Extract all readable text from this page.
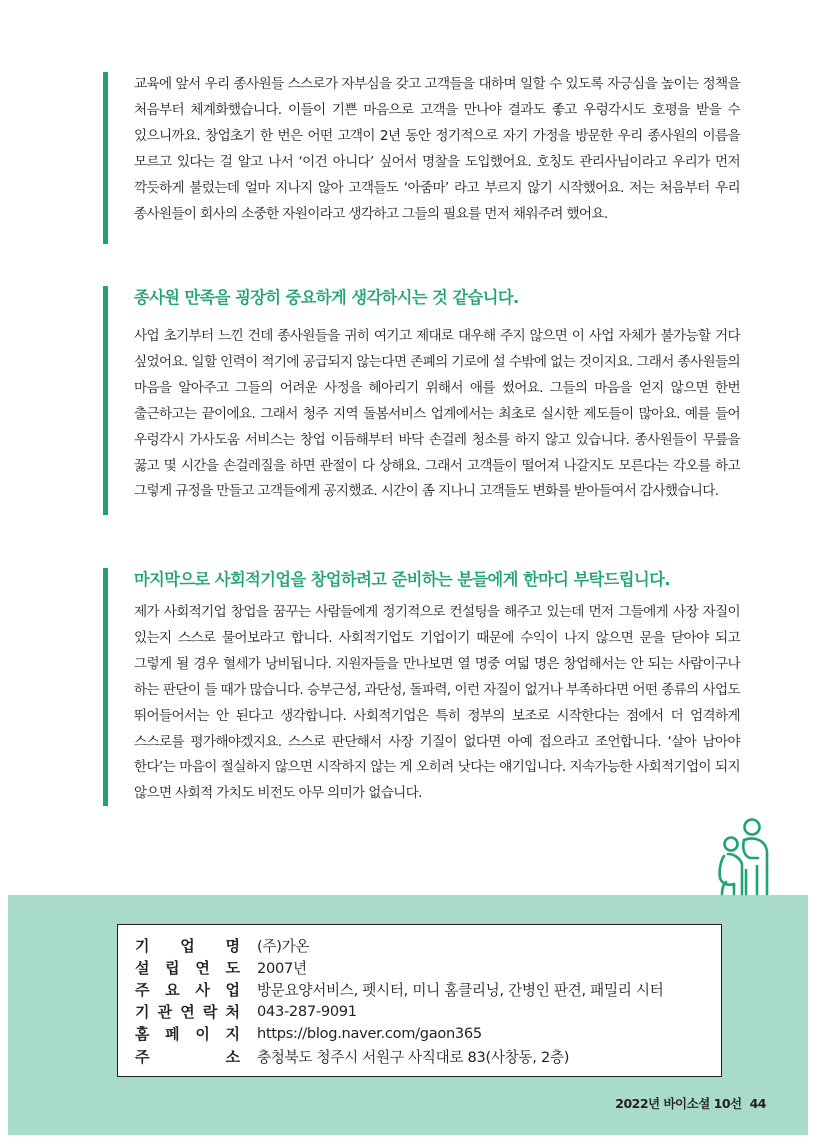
교육에 앞서 우리 종사원들 스스로가 자부심을 갖고 고객들을 대하며 일할 수 있도록 자긍심을 높이는 정책을 처음부터 체계화했습니다. 이들이 기쁜 마음으로 고객을 만나야 결과도 좋고 우렁각시도 호평을 받을 수 있으니까요. 창업초기 한 번은 어떤 고객이 2년 동안 정기적으로 자기 가정을 방문한 우리 종사원의 이름을 모르고 있다는 걸 알고 나서 ‘이건 아니다’ 싶어서 명찰을 도입했어요. 호칭도 관리사님이라고 우리가 먼저 깍듯하게 불렀는데 얼마 지나지 않아 고객들도 ‘아줌마’ 라고 부르지 않기 시작했어요. 저는 처음부터 우리 종사원들이 회사의 소중한 자원이라고 생각하고 그들의 필요를 먼저 채워주려 했어요.

종사원 만족을 굉장히 중요하게 생각하시는 것 같습니다.

사업 초기부터 느낀 건데 종사원들을 귀히 여기고 제대로 대우해 주지 않으면 이 사업 자체가 불가능할 거다 싶었어요. 일할 인력이 적기에 공급되지 않는다면 존폐의 기로에 설 수밖에 없는 것이지요. 그래서 종사원들의 마음을 알아주고 그들의 어려운 사정을 헤아리기 위해서 애를 썼어요. 그들의 마음을 얻지 않으면 한번 출근하고는 끝이에요. 그래서 청주 지역 돌봄서비스 업계에서는 최초로 실시한 제도들이 많아요. 예를 들어 우렁각시 가사도움 서비스는 창업 이듬해부터 바닥 손걸레 청소를 하지 않고 있습니다. 종사원들이 무릎을 꿇고 몇 시간을 손걸레질을 하면 관절이 다 상해요. 그래서 고객들이 떨어져 나갈지도 모른다는 각오를 하고 그렇게 규정을 만들고 고객들에게 공지했죠. 시간이 좀 지나니 고객들도 변화를 받아들여서 감사했습니다.

마지막으로 사회적기업을 창업하려고 준비하는 분들에게 한마디 부탁드립니다.

제가 사회적기업 창업을 꿈꾸는 사람들에게 정기적으로 컨설팅을 해주고 있는데 먼저 그들에게 사장 자질이 있는지 스스로 물어보라고 합니다. 사회적기업도 기업이기 때문에 수익이 나지 않으면 문을 닫아야 되고 그렇게 될 경우 혈세가 낭비됩니다. 지원자들을 만나보면 열 명중 여덟 명은 창업해서는 안 되는 사람이구나 하는 판단이 들 때가 많습니다. 승부근성, 과단성, 돌파력, 이런 자질이 없거나 부족하다면 어떤 종류의 사업도 뛰어들어서는 안 된다고 생각합니다. 사회적기업은 특히 정부의 보조로 시작한다는 점에서 더 엄격하게 스스로를 평가해야겠지요. 스스로 판단해서 사장 기질이 없다면 아예 접으라고 조언합니다. ‘살아 남아야 한다’는 마음이 절실하지 않으면 시작하지 않는 게 오히려 낫다는 얘기입니다. 지속가능한 사회적기업이 되지 않으면 사회적 가치도 비전도 아무 의미가 없습니다.

기 업 명 (주)가온
설 립 연 도 2007년
주 요 사 업 방문요양서비스, 펫시터, 미니 홈클리닝, 간병인 판견, 패밀리 시터
기 관 연 락 처 043-287-9091
홈 페 이 지 https://blog.naver.com/gaon365
주	소 충청북도 청주시 서원구 사직대로 83(사창동, 2층)
2022년 바이소셜 10선 44
